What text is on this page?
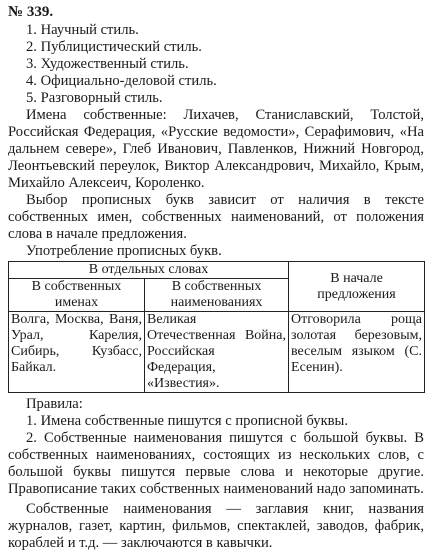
№ 339.
1. Научный стиль.
2. Публицистический стиль.
3. Художественный стиль.
4. Официально-деловой стиль.
5. Разговорный стиль.

Имена собственные: Лихачев, Станиславский, Толстой, Российская Федерация, «Русские ведомости», Серафимович, «На дальнем севере», Глеб Иванович, Павленков, Нижний Новгород, Леонтьевский переулок, Виктор Александрович, Михайло, Крым, Михайло Алексеич, Короленко.

Выбор прописных букв зависит от наличия в тексте собственных имен, собственных наименований, от положения слова в начале предложения.

Употребление прописных букв.
В отдельных словах		В начале предложения
В собственных именах	В собственных наименованиях	
Волга, Москва, Ваня, Урал, Карелия, Сибирь, Кузбасс, Байкал.	Великая Отечественная Война, Российская Федерация, «Известия».	Отговорила роща золотая березовым, веселым языком (С. Есенин).
Правила:

1. Имена собственные пишутся с прописной буквы.

2. Собственные наименования пишутся с большой буквы. В собственных наименованиях, состоящих из нескольких слов, с большой буквы пишутся первые слова и некоторые другие. Правописание таких собственных наименований надо запоминать.

Собственные наименования — заглавия книг, названия журналов, газет, картин, фильмов, спектаклей, заводов, фабрик, кораблей и т.д. — заключаются в кавычки.
